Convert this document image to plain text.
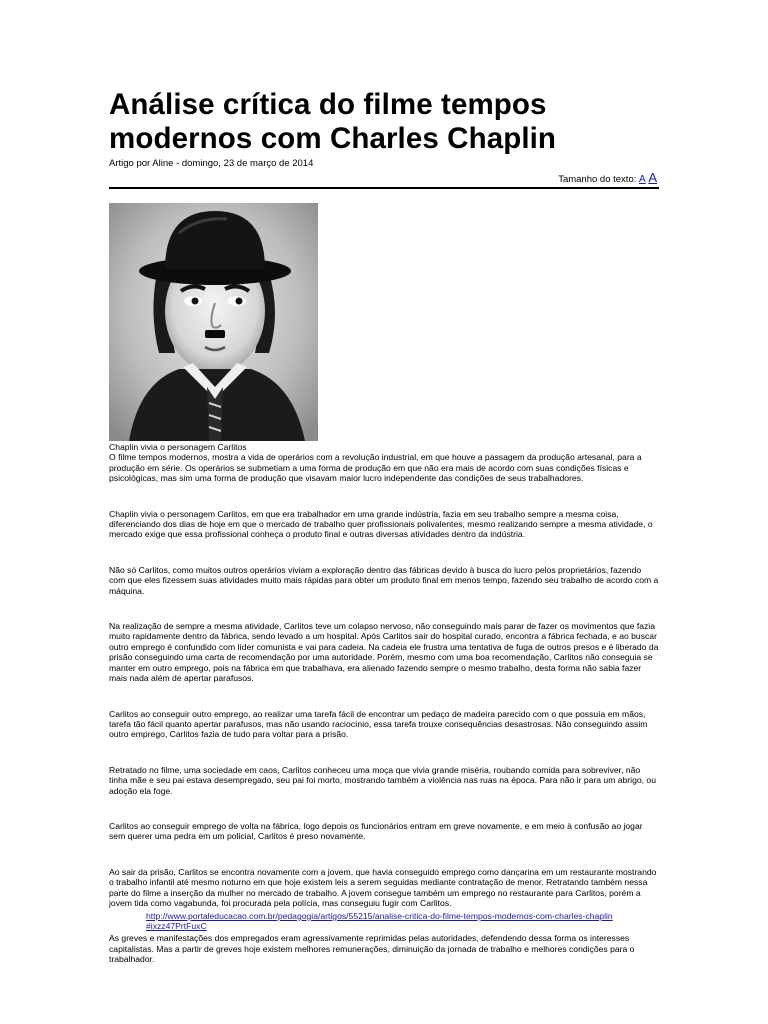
Análise crítica do filme tempos modernos com Charles Chaplin
Artigo por Aline - domingo, 23 de março de 2014
Tamanho do texto: A A
Chaplin vivia o personagem Carlitos

O filme tempos modernos, mostra a vida de operários com a revolução industrial, em que houve a passagem da produção artesanal, para a produção em série. Os operários se submetiam a uma forma de produção em que não era mais de acordo com suas condições físicas e psicológicas, mas sim uma forma de produção que visavam maior lucro independente das condições de seus trabalhadores.

Chaplin vivia o personagem Carlitos, em que era trabalhador em uma grande indústria, fazia em seu trabalho sempre a mesma coisa, diferenciando dos dias de hoje em que o mercado de trabalho quer profissionais polivalentes, mesmo realizando sempre a mesma atividade, o mercado exige que essa profissional conheça o produto final e outras diversas atividades dentro da indústria.

Não só Carlitos, como muitos outros operários viviam a exploração dentro das fábricas devido à busca do lucro pelos proprietários, fazendo com que eles fizessem suas atividades muito mais rápidas para obter um produto final em menos tempo, fazendo seu trabalho de acordo com a máquina.

Na realização de sempre a mesma atividade, Carlitos teve um colapso nervoso, não conseguindo mais parar de fazer os movimentos que fazia muito rapidamente dentro da fábrica, sendo levado a um hospital. Após Carlitos sair do hospital curado, encontra a fábrica fechada, e ao buscar outro emprego é confundido com líder comunista e vai para cadeia. Na cadeia ele frustra uma tentativa de fuga de outros presos e é liberado da prisão conseguindo uma carta de recomendação por uma autoridade. Porém, mesmo com uma boa recomendação, Carlitos não conseguia se manter em outro emprego, pois na fábrica em que trabalhava, era alienado fazendo sempre o mesmo trabalho, desta forma não sabia fazer mais nada além de apertar parafusos.

Carlitos ao conseguir outro emprego, ao realizar uma tarefa fácil de encontrar um pedaço de madeira parecido com o que possuía em mãos, tarefa tão fácil quanto apertar parafusos, mas não usando raciocínio, essa tarefa trouxe consequências desastrosas. Não conseguindo assim outro emprego, Carlitos fazia de tudo para voltar para a prisão.

Retratado no filme, uma sociedade em caos, Carlitos conheceu uma moça que vivia grande miséria, roubando comida para sobreviver, não tinha mãe e seu pai estava desempregado, seu pai foi morto, mostrando também a violência nas ruas na época. Para não ir para um abrigo, ou adoção ela foge.

Carlitos ao conseguir emprego de volta na fábrica, logo depois os funcionários entram em greve novamente, e em meio à confusão ao jogar sem querer uma pedra em um policial, Carlitos é preso novamente.

Ao sair da prisão, Carlitos se encontra novamente com a jovem, que havia conseguido emprego como dançarina em um restaurante mostrando o trabalho infantil até mesmo noturno em que hoje existem leis a serem seguidas mediante contratação de menor. Retratando também nessa parte do filme a inserção da mulher no mercado de trabalho. A jovem consegue também um emprego no restaurante para Carlitos, porém a jovem tida como vagabunda, foi procurada pela polícia, mas conseguiu fugir com Carlitos.

As greves e manifestações dos empregados eram agressivamente reprimidas pelas autoridades, defendendo dessa forma os interesses capitalistas. Mas a partir de greves hoje existem melhores remunerações, diminuição da jornada de trabalho e melhores condições para o trabalhador.

http://www.portaleducacao.com.br/pedagogia/artigos/55215/analise-critica-do-filme-tempos-modernos-com-charles-chaplin#ixzz47PrtFuxC
